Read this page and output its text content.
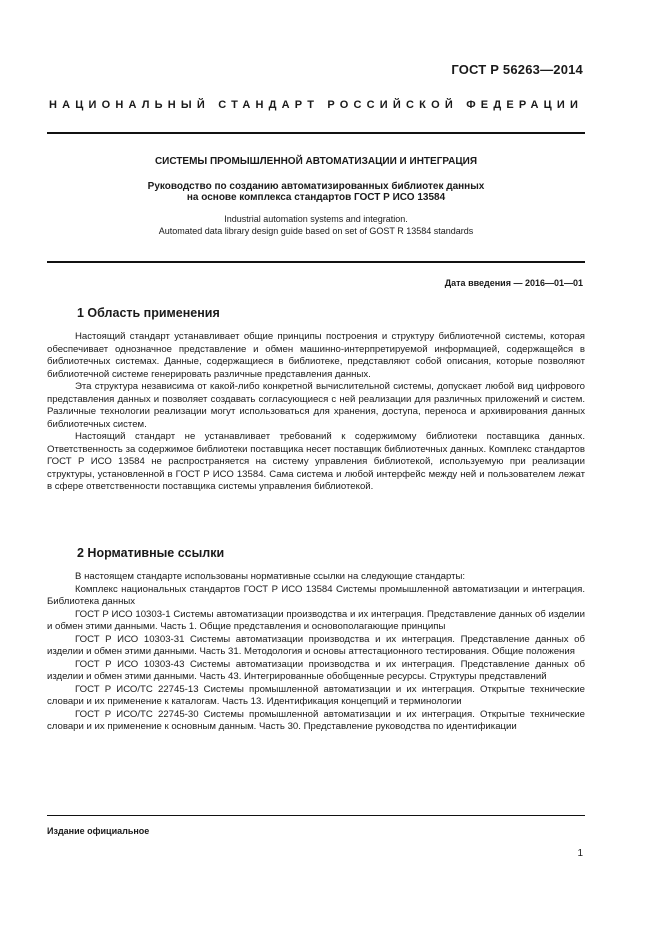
ГОСТ Р 56263—2014
НАЦИОНАЛЬНЫЙ СТАНДАРТ РОССИЙСКОЙ ФЕДЕРАЦИИ
СИСТЕМЫ ПРОМЫШЛЕННОЙ АВТОМАТИЗАЦИИ И ИНТЕГРАЦИЯ
Руководство по созданию автоматизированных библиотек данных
на основе комплекса стандартов ГОСТ Р ИСО 13584
Industrial automation systems and integration.
Automated data library design guide based on set of GOST R 13584 standards
Дата введения — 2016—01—01
1 Область применения

Настоящий стандарт устанавливает общие принципы построения и структуру библиотечной системы, которая обеспечивает однозначное представление и обмен машинно-интерпретируемой информацией, содержащейся в библиотечных системах. Данные, содержащиеся в библиотеке, представляют собой описания, которые позволяют библиотечной системе генерировать различные представления данных.

Эта структура независима от какой-либо конкретной вычислительной системы, допускает любой вид цифрового представления данных и позволяет создавать согласующиеся с ней реализации для различных приложений и систем. Различные технологии реализации могут использоваться для хранения, доступа, переноса и архивирования данных библиотечных систем.

Настоящий стандарт не устанавливает требований к содержимому библиотеки поставщика данных. Ответственность за содержимое библиотеки поставщика несет поставщик библиотечных данных. Комплекс стандартов ГОСТ Р ИСО 13584 не распространяется на систему управления библиотекой, используемую при реализации структуры, установленной в ГОСТ Р ИСО 13584. Сама система и любой интерфейс между ней и пользователем лежат в сфере ответственности поставщика системы управления библиотекой.

2 Нормативные ссылки

В настоящем стандарте использованы нормативные ссылки на следующие стандарты:

Комплекс национальных стандартов ГОСТ Р ИСО 13584 Системы промышленной автоматизации и интеграция. Библиотека данных

ГОСТ Р ИСО 10303-1 Системы автоматизации производства и их интеграция. Представление данных об изделии и обмен этими данными. Часть 1. Общие представления и основополагающие принципы

ГОСТ Р ИСО 10303-31 Системы автоматизации производства и их интеграция. Представление данных об изделии и обмен этими данными. Часть 31. Методология и основы аттестационного тестирования. Общие положения

ГОСТ Р ИСО 10303-43 Системы автоматизации производства и их интеграция. Представление данных об изделии и обмен этими данными. Часть 43. Интегрированные обобщенные ресурсы. Структуры представлений

ГОСТ Р ИСО/ТС 22745-13 Системы промышленной автоматизации и их интеграция. Открытые технические словари и их применение к каталогам. Часть 13. Идентификация концепций и терминологии

ГОСТ Р ИСО/ТС 22745-30 Системы промышленной автоматизации и их интеграция. Открытые технические словари и их применение к основным данным. Часть 30. Представление руководства по идентификации

Издание официальное
1
